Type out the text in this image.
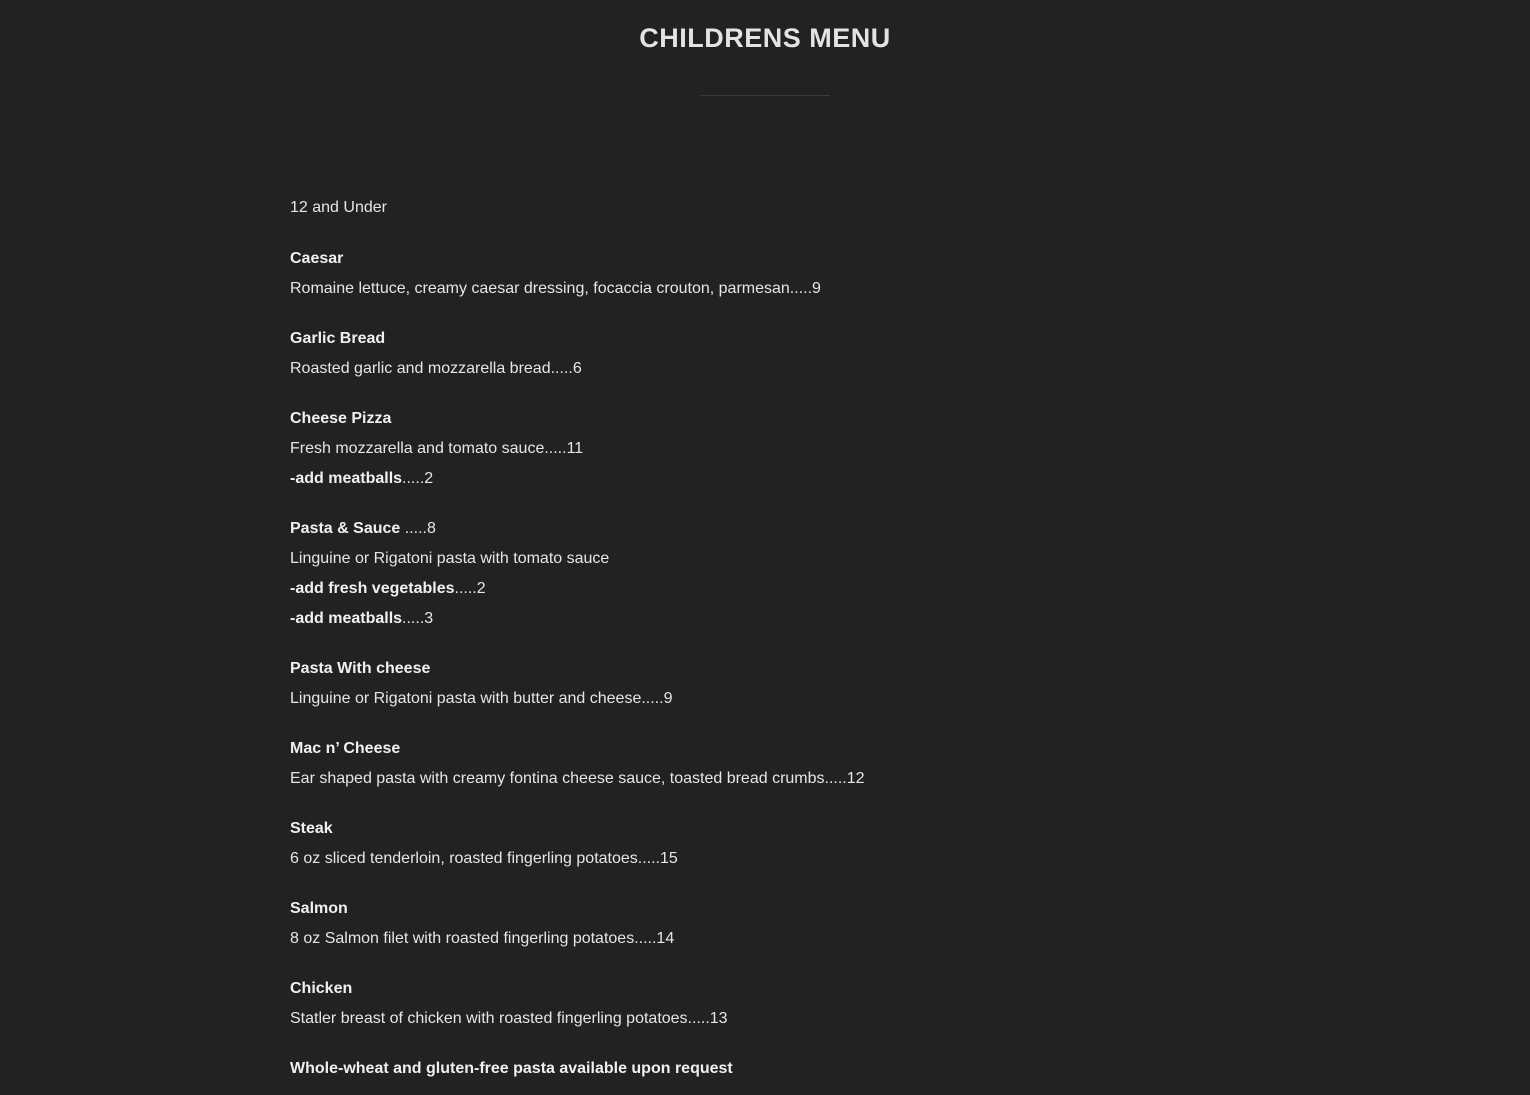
CHILDRENS MENU
12 and Under
Caesar
Romaine lettuce, creamy caesar dressing, focaccia crouton, parmesan.....9
Garlic Bread
Roasted garlic and mozzarella bread.....6
Cheese Pizza
Fresh mozzarella and tomato sauce.....11
-add meatballs.....2
Pasta & Sauce .....8
Linguine or Rigatoni pasta with tomato sauce
-add fresh vegetables.....2
-add meatballs.....3
Pasta With cheese
Linguine or Rigatoni pasta with butter and cheese.....9
Mac n’ Cheese
Ear shaped pasta with creamy fontina cheese sauce, toasted bread crumbs.....12
Steak
6 oz sliced tenderloin, roasted fingerling potatoes.....15
Salmon
8 oz Salmon filet with roasted fingerling potatoes.....14
Chicken
Statler breast of chicken with roasted fingerling potatoes.....13
Whole-wheat and gluten-free pasta available upon request
